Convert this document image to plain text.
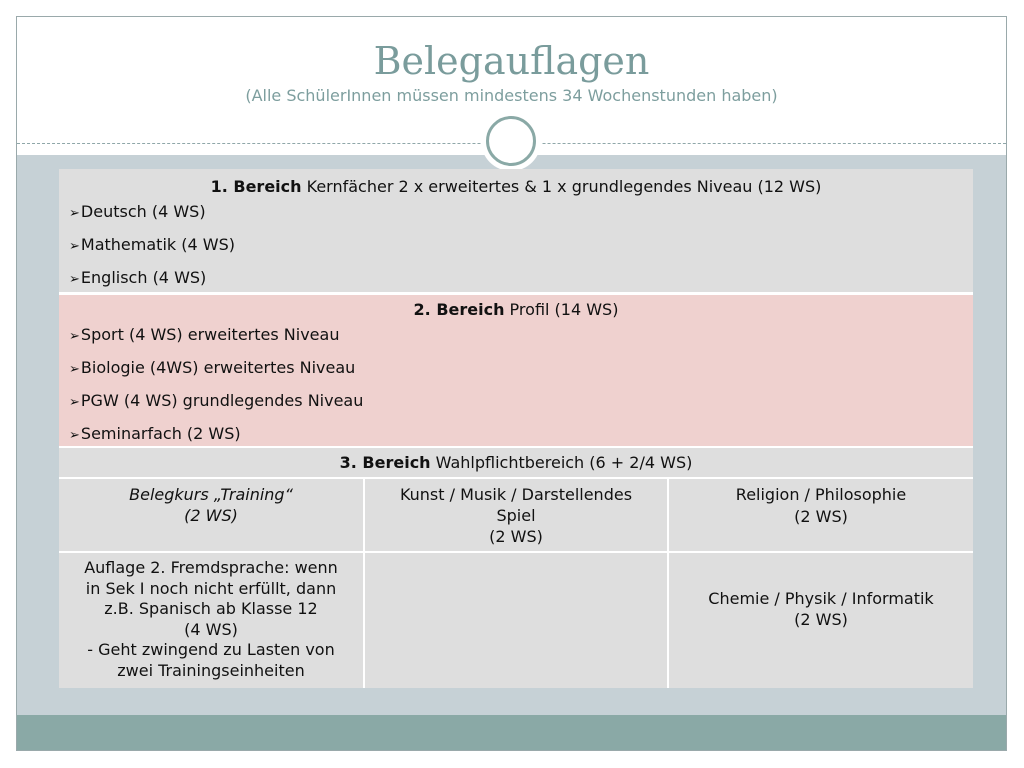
Belegauflagen
(Alle SchülerInnen müssen mindestens 34 Wochenstunden haben)
1. Bereich Kernfächer 2 x erweitertes & 1 x grundlegendes Niveau (12 WS)
➢Deutsch (4 WS)
➢Mathematik (4 WS)
➢Englisch (4 WS)
2. Bereich Profil (14 WS)
➢Sport (4 WS) erweitertes Niveau
➢Biologie (4WS) erweitertes Niveau
➢PGW (4 WS) grundlegendes Niveau
➢Seminarfach (2 WS)
3. Bereich Wahlpflichtbereich (6 + 2/4 WS)
Belegkurs „Training“
(2 WS)
Kunst / Musik / Darstellendes
Spiel
(2 WS)
Religion / Philosophie
(2 WS)
Auflage 2. Fremdsprache: wenn
in Sek I noch nicht erfüllt, dann
z.B. Spanisch ab Klasse 12
(4 WS)
- Geht zwingend zu Lasten von
zwei Trainingseinheiten
Chemie / Physik / Informatik
(2 WS)
